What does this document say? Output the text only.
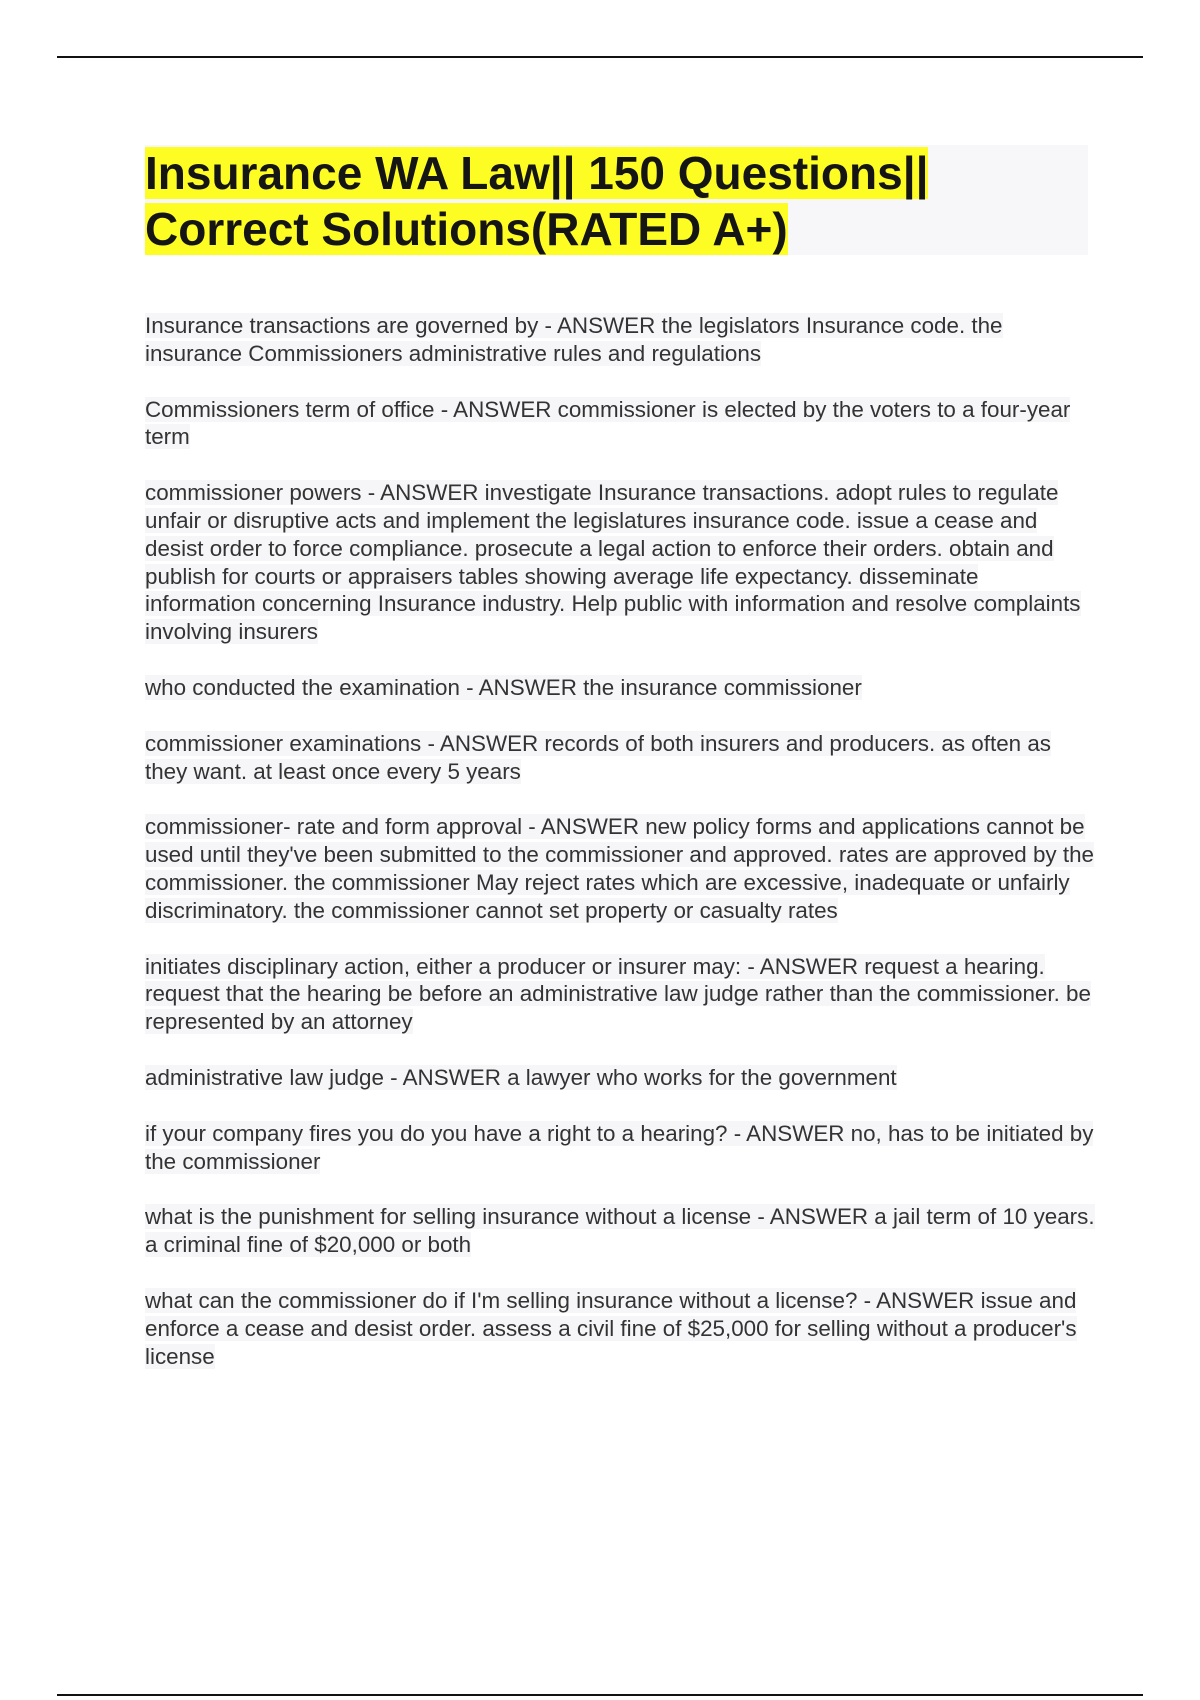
Insurance WA Law|| 150 Questions|| Correct Solutions(RATED A+)

Insurance transactions are governed by - ANSWER the legislators Insurance code. the insurance Commissioners administrative rules and regulations

Commissioners term of office - ANSWER commissioner is elected by the voters to a four-year term

commissioner powers - ANSWER investigate Insurance transactions. adopt rules to regulate unfair or disruptive acts and implement the legislatures insurance code. issue a cease and desist order to force compliance. prosecute a legal action to enforce their orders. obtain and publish for courts or appraisers tables showing average life expectancy. disseminate information concerning Insurance industry. Help public with information and resolve complaints involving insurers

who conducted the examination - ANSWER the insurance commissioner

commissioner examinations - ANSWER records of both insurers and producers. as often as they want. at least once every 5 years

commissioner- rate and form approval - ANSWER new policy forms and applications cannot be used until they've been submitted to the commissioner and approved. rates are approved by the commissioner. the commissioner May reject rates which are excessive, inadequate or unfairly discriminatory. the commissioner cannot set property or casualty rates

initiates disciplinary action, either a producer or insurer may: - ANSWER request a hearing. request that the hearing be before an administrative law judge rather than the commissioner. be represented by an attorney

administrative law judge - ANSWER a lawyer who works for the government

if your company fires you do you have a right to a hearing? - ANSWER no, has to be initiated by the commissioner

what is the punishment for selling insurance without a license - ANSWER a jail term of 10 years. a criminal fine of $20,000 or both

what can the commissioner do if I'm selling insurance without a license? - ANSWER issue and enforce a cease and desist order. assess a civil fine of $25,000 for selling without a producer's license
